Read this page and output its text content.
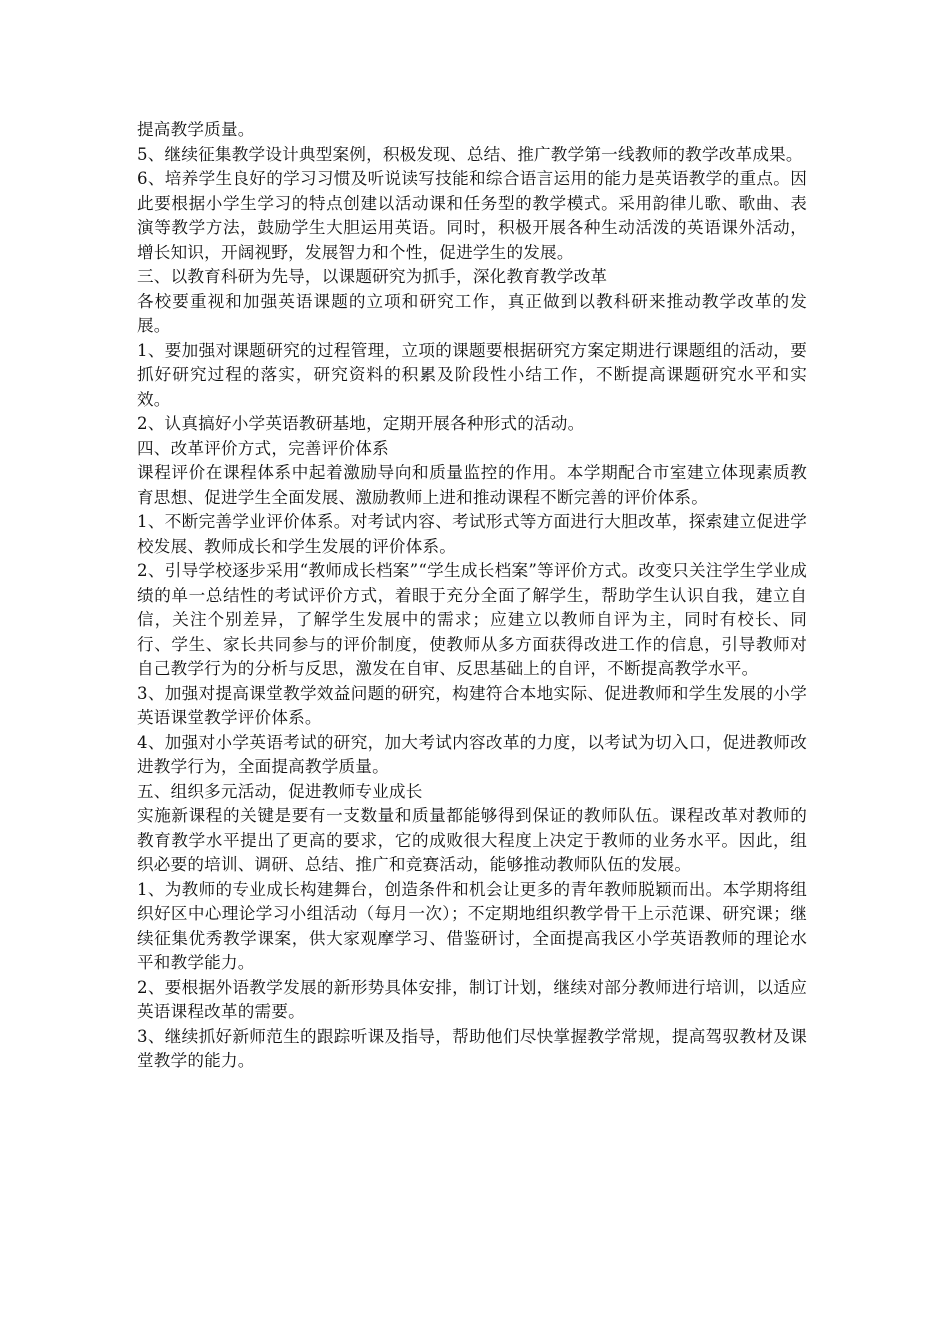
提高教学质量。

5、继续征集教学设计典型案例，积极发现、总结、推广教学第一线教师的教学改革成果。

6、培养学生良好的学习习惯及听说读写技能和综合语言运用的能力是英语教学的重点。因此要根据小学生学习的特点创建以活动课和任务型的教学模式。采用韵律儿歌、歌曲、表演等教学方法，鼓励学生大胆运用英语。同时，积极开展各种生动活泼的英语课外活动，增长知识，开阔视野，发展智力和个性，促进学生的发展。

三、以教育科研为先导，以课题研究为抓手，深化教育教学改革

各校要重视和加强英语课题的立项和研究工作，真正做到以教科研来推动教学改革的发展。

1、要加强对课题研究的过程管理，立项的课题要根据研究方案定期进行课题组的活动，要抓好研究过程的落实，研究资料的积累及阶段性小结工作，不断提高课题研究水平和实效。

2、认真搞好小学英语教研基地，定期开展各种形式的活动。

四、改革评价方式，完善评价体系

课程评价在课程体系中起着激励导向和质量监控的作用。本学期配合市室建立体现素质教育思想、促进学生全面发展、激励教师上进和推动课程不断完善的评价体系。

1、不断完善学业评价体系。对考试内容、考试形式等方面进行大胆改革，探索建立促进学校发展、教师成长和学生发展的评价体系。

2、引导学校逐步采用“教师成长档案”“学生成长档案”等评价方式。改变只关注学生学业成绩的单一总结性的考试评价方式，着眼于充分全面了解学生，帮助学生认识自我，建立自信，关注个别差异，了解学生发展中的需求；应建立以教师自评为主，同时有校长、同行、学生、家长共同参与的评价制度，使教师从多方面获得改进工作的信息，引导教师对自己教学行为的分析与反思，激发在自审、反思基础上的自评，不断提高教学水平。

3、加强对提高课堂教学效益问题的研究，构建符合本地实际、促进教师和学生发展的小学英语课堂教学评价体系。

4、加强对小学英语考试的研究，加大考试内容改革的力度，以考试为切入口，促进教师改进教学行为，全面提高教学质量。

五、组织多元活动，促进教师专业成长

实施新课程的关键是要有一支数量和质量都能够得到保证的教师队伍。课程改革对教师的教育教学水平提出了更高的要求，它的成败很大程度上决定于教师的业务水平。因此，组织必要的培训、调研、总结、推广和竞赛活动，能够推动教师队伍的发展。

1、为教师的专业成长构建舞台，创造条件和机会让更多的青年教师脱颖而出。本学期将组织好区中心理论学习小组活动（每月一次）；不定期地组织教学骨干上示范课、研究课；继续征集优秀教学课案，供大家观摩学习、借鉴研讨，全面提高我区小学英语教师的理论水平和教学能力。

2、要根据外语教学发展的新形势具体安排，制订计划，继续对部分教师进行培训，以适应英语课程改革的需要。

3、继续抓好新师范生的跟踪听课及指导，帮助他们尽快掌握教学常规，提高驾驭教材及课堂教学的能力。
